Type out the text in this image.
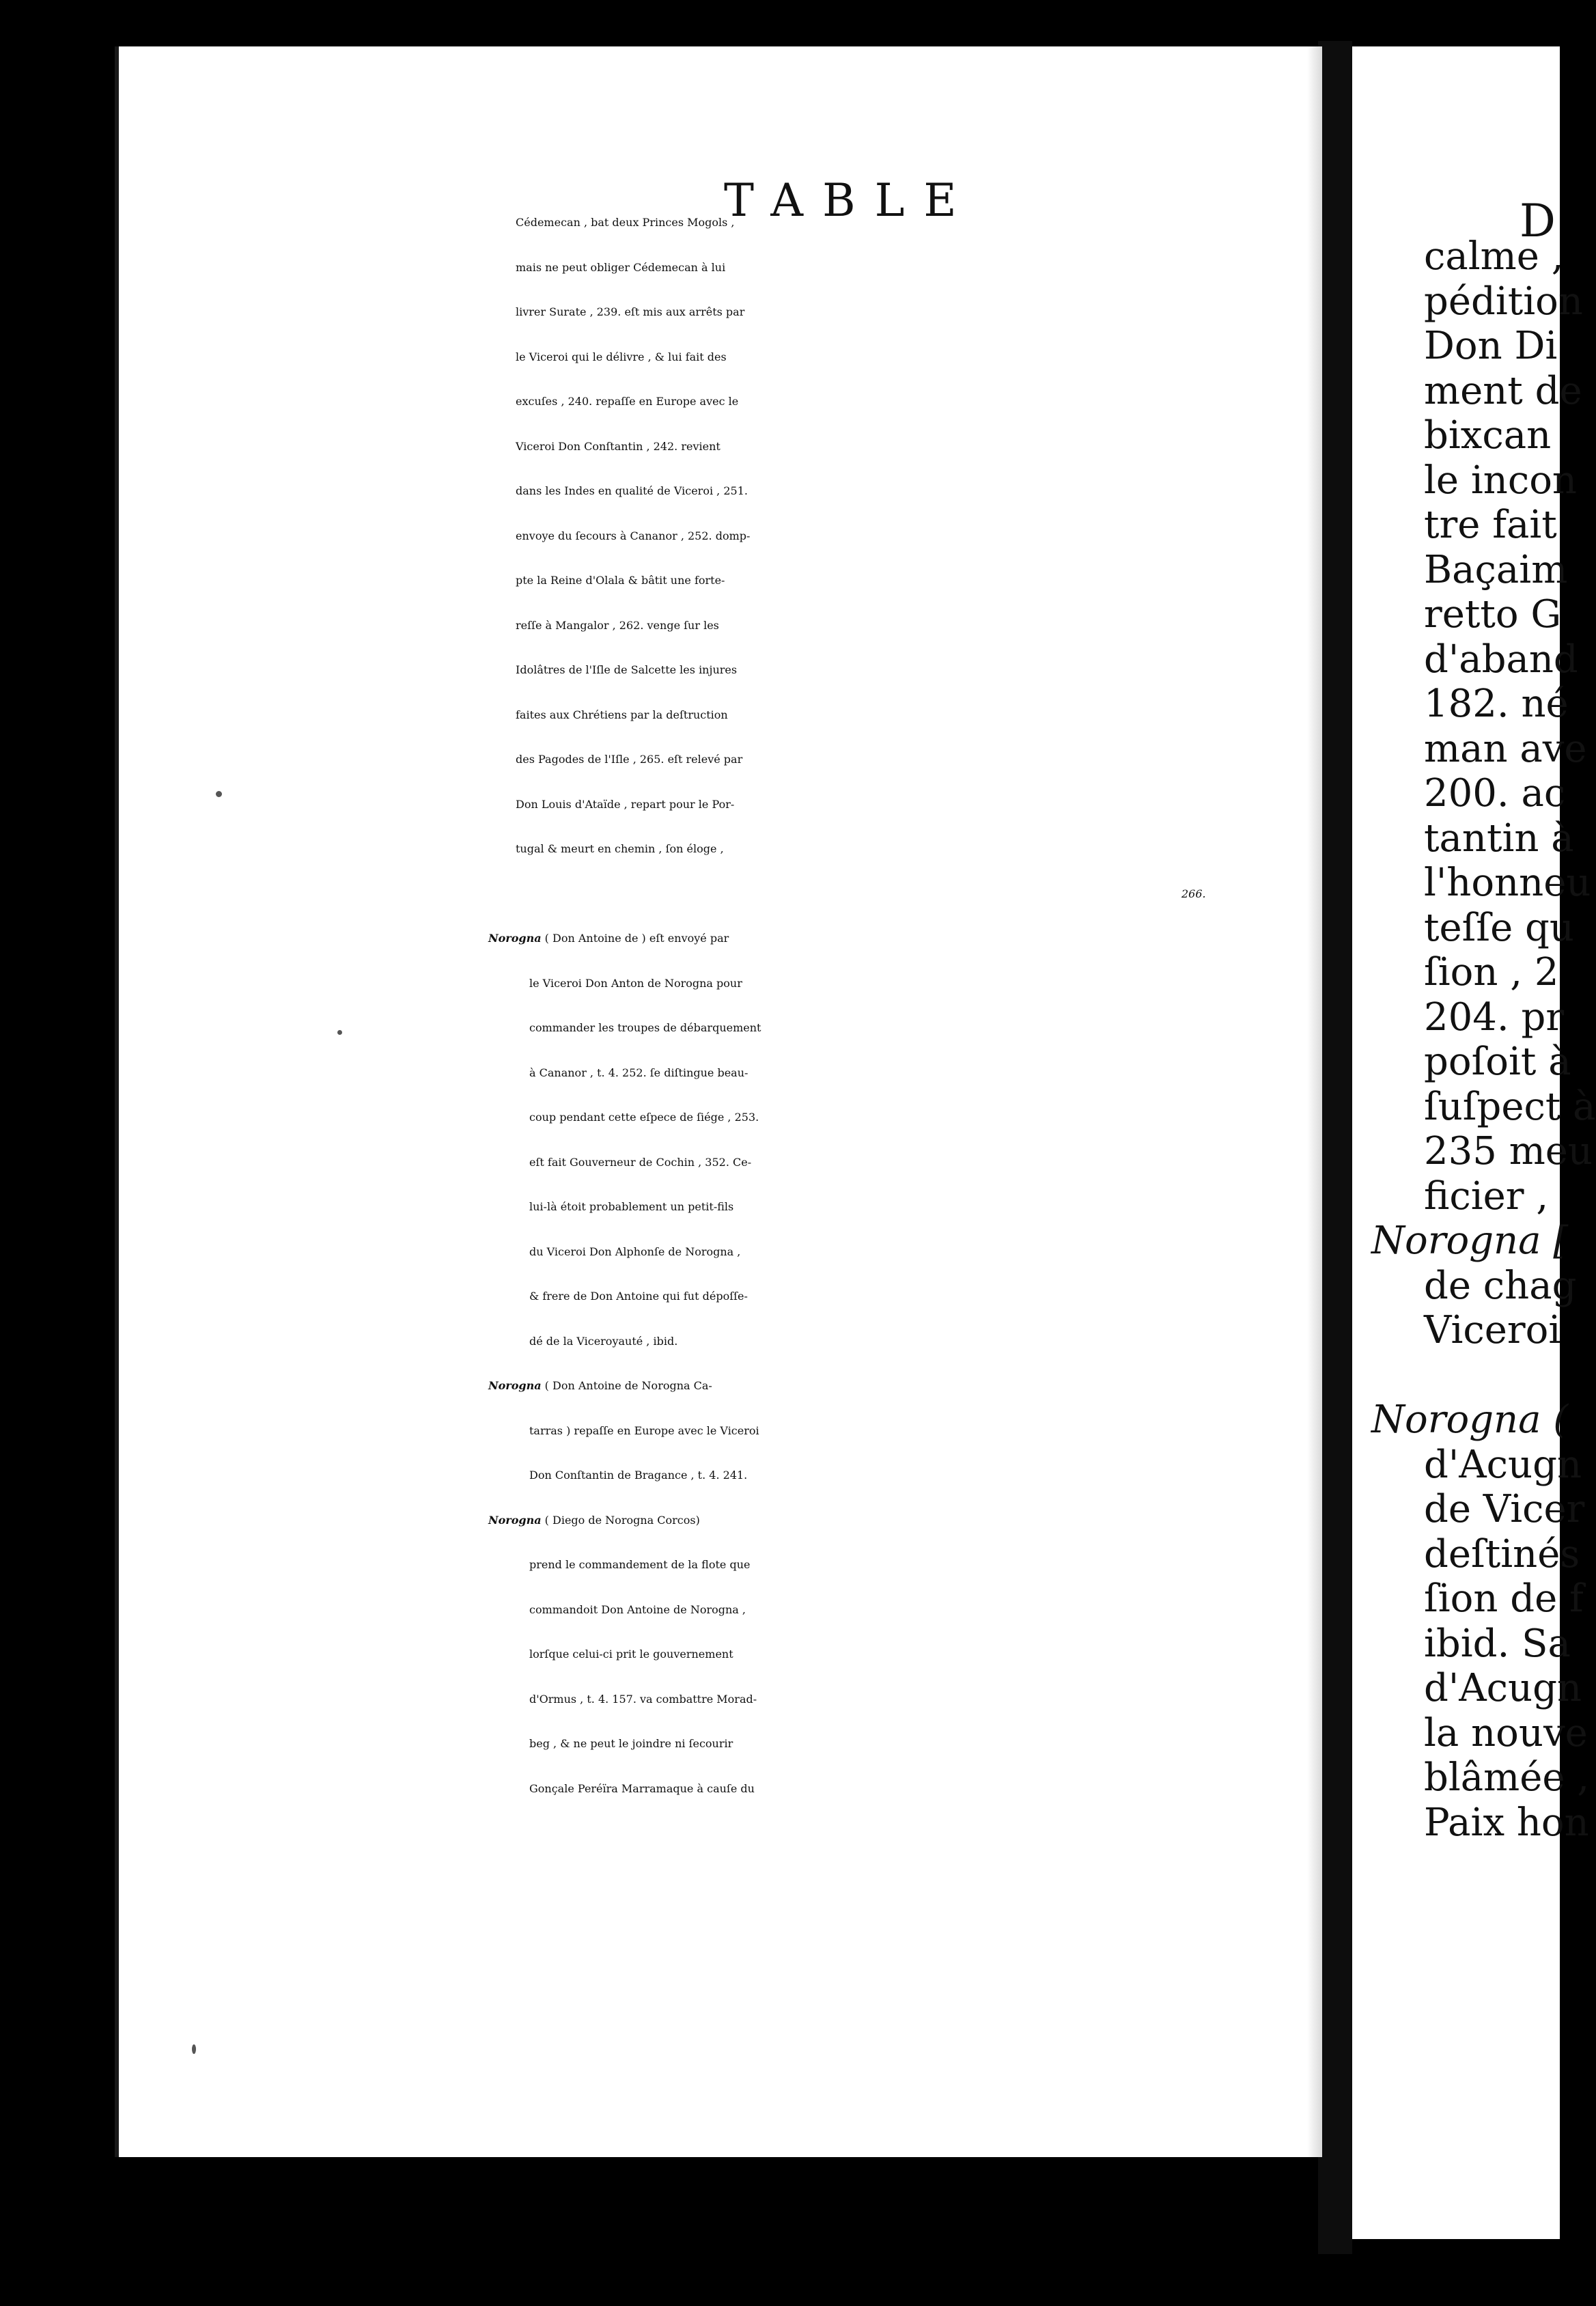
TABLE
Cédemecan , bat deux Princes Mogols ,
mais ne peut obliger Cédemecan à lui
livrer Surate , 239. eſt mis aux arrêts par
le Viceroi qui le délivre , & lui fait des
excuſes , 240. repaſſe en Europe avec le
Viceroi Don Conſtantin , 242. revient
dans les Indes en qualité de Viceroi , 251.
envoye du ſecours à Cananor , 252. domp-
pte la Reine d'Olala & bâtit une forte-
reſſe à Mangalor , 262. venge ſur les
Idolâtres de l'Iſle de Salcette les injures
faites aux Chrétiens par la deſtruction
des Pagodes de l'Iſle , 265. eſt relevé par
Don Louis d'Ataïde , repart pour le Por-
tugal & meurt en chemin , ſon éloge ,
266.
Norogna ( Don Antoine de ) eſt envoyé par
le Viceroi Don Anton de Norogna pour
commander les troupes de débarquement
à Cananor , t. 4. 252. ſe diſtingue beau-
coup pendant cette eſpece de ſiége , 253.
eſt fait Gouverneur de Cochin , 352. Ce-
lui-là étoit probablement un petit-fils
du Viceroi Don Alphonſe de Norogna ,
& frere de Don Antoine qui fut dépoſſe-
dé de la Viceroyauté , ibid.
Norogna ( Don Antoine de Norogna Ca-
tarras ) repaſſe en Europe avec le Viceroi
Don Conſtantin de Bragance , t. 4. 241.
Norogna ( Diego de Norogna Corcos)
prend le commandement de la flote que
commandoit Don Antoine de Norogna ,
lorſque celui-ci prit le gouvernement
d'Ormus , t. 4. 157. va combattre Morad-
beg , & ne peut le joindre ni ſecourir
Gonçale Peréïra Marramaque à cauſe du
D
calme ,
pédition
Don Di
ment de
bixcan
le incon
tre fait
Baçaim
retto G
d'aband
182. né
man ave
200. ac
tantin à
l'honneu
teſſe qu
ſion , 2
204. pr
poſoit à
ſuſpect à
235 meu
ficier ,
Norogna [
de chag
Viceroi
Norogna (
d'Acugn
de Vicer
deſtinés
ſion de f
ibid. Sa
d'Acugn
la nouve
blâmée ,
Paix hon
